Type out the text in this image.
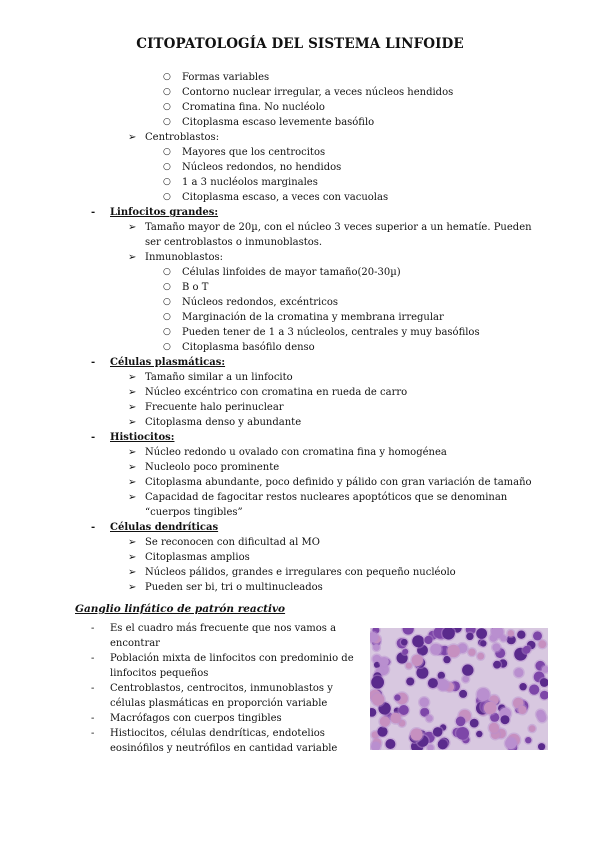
CITOPATOLOGÍA DEL SISTEMA LINFOIDE
○ Formas variables
○ Contorno nuclear irregular, a veces núcleos hendidos
○ Cromatina fina. No nucléolo
○ Citoplasma escaso levemente basófilo
➢ Centroblastos:
○ Mayores que los centrocitos
○ Núcleos redondos, no hendidos
○ 1 a 3 nucléolos marginales
○ Citoplasma escaso, a veces con vacuolas
- Linfocitos grandes:
➢ Tamaño mayor de 20µ, con el núcleo 3 veces superior a un hematíe. Pueden
ser centroblastos o inmunoblastos.
➢ Inmunoblastos:
○ Células linfoides de mayor tamaño(20-30µ)
○ B o T
○ Núcleos redondos, excéntricos
○ Marginación de la cromatina y membrana irregular
○ Pueden tener de 1 a 3 núcleolos, centrales y muy basófilos
○ Citoplasma basófilo denso
- Células plasmáticas:
➢ Tamaño similar a un linfocito
➢ Núcleo excéntrico con cromatina en rueda de carro
➢ Frecuente halo perinuclear
➢ Citoplasma denso y abundante
- Histiocitos:
➢ Núcleo redondo u ovalado con cromatina fina y homogénea
➢ Nucleolo poco prominente
➢ Citoplasma abundante, poco definido y pálido con gran variación de tamaño
➢ Capacidad de fagocitar restos nucleares apoptóticos que se denominan
“cuerpos tingibles”
- Células dendríticas
➢ Se reconocen con dificultad al MO
➢ Citoplasmas amplios
➢ Núcleos pálidos, grandes e irregulares con pequeño nucléolo
➢ Pueden ser bi, tri o multinucleados
Ganglio linfático de patrón reactivo
- Es el cuadro más frecuente que nos vamos a
encontrar
- Población mixta de linfocitos con predominio de
linfocitos pequeños
- Centroblastos, centrocitos, inmunoblastos y
células plasmáticas en proporción variable
- Macrófagos con cuerpos tingibles
- Histiocitos, células dendríticas, endotelios
eosinófilos y neutrófilos en cantidad variable
